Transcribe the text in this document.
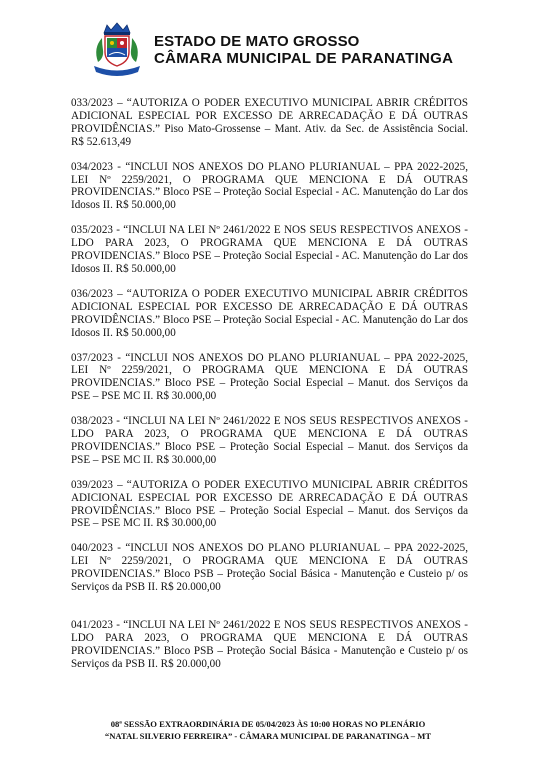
ESTADO DE MATO GROSSO
CÂMARA MUNICIPAL DE PARANATINGA

033/2023 – “AUTORIZA O PODER EXECUTIVO MUNICIPAL ABRIR CRÉDITOS ADICIONAL ESPECIAL POR EXCESSO DE ARRECADAÇÃO E DÁ OUTRAS PROVIDÊNCIAS.” Piso Mato-Grossense – Mant. Ativ. da Sec. de Assistência Social. R$ 52.613,49

034/2023 - “INCLUI NOS ANEXOS DO PLANO PLURIANUAL – PPA 2022-2025, LEI Nº 2259/2021, O PROGRAMA QUE MENCIONA E DÁ OUTRAS PROVIDENCIAS.” Bloco PSE – Proteção Social Especial - AC. Manutenção do Lar dos Idosos II. R$ 50.000,00

035/2023 - “INCLUI NA LEI Nº 2461/2022 E NOS SEUS RESPECTIVOS ANEXOS - LDO PARA 2023, O PROGRAMA QUE MENCIONA E DÁ OUTRAS PROVIDENCIAS.” Bloco PSE – Proteção Social Especial - AC. Manutenção do Lar dos Idosos II. R$ 50.000,00

036/2023 – “AUTORIZA O PODER EXECUTIVO MUNICIPAL ABRIR CRÉDITOS ADICIONAL ESPECIAL POR EXCESSO DE ARRECADAÇÃO E DÁ OUTRAS PROVIDÊNCIAS.” Bloco PSE – Proteção Social Especial - AC. Manutenção do Lar dos Idosos II. R$ 50.000,00

037/2023 - “INCLUI NOS ANEXOS DO PLANO PLURIANUAL – PPA 2022-2025, LEI Nº 2259/2021, O PROGRAMA QUE MENCIONA E DÁ OUTRAS PROVIDENCIAS.” Bloco PSE – Proteção Social Especial – Manut. dos Serviços da PSE – PSE MC II. R$ 30.000,00

038/2023 - “INCLUI NA LEI Nº 2461/2022 E NOS SEUS RESPECTIVOS ANEXOS - LDO PARA 2023, O PROGRAMA QUE MENCIONA E DÁ OUTRAS PROVIDENCIAS.” Bloco PSE – Proteção Social Especial – Manut. dos Serviços da PSE – PSE MC II. R$ 30.000,00

039/2023 – “AUTORIZA O PODER EXECUTIVO MUNICIPAL ABRIR CRÉDITOS ADICIONAL ESPECIAL POR EXCESSO DE ARRECADAÇÃO E DÁ OUTRAS PROVIDÊNCIAS.” Bloco PSE – Proteção Social Especial – Manut. dos Serviços da PSE – PSE MC II. R$ 30.000,00

040/2023 - “INCLUI NOS ANEXOS DO PLANO PLURIANUAL – PPA 2022-2025, LEI Nº 2259/2021, O PROGRAMA QUE MENCIONA E DÁ OUTRAS PROVIDENCIAS.” Bloco PSB – Proteção Social Básica - Manutenção e Custeio p/ os Serviços da PSB II. R$ 20.000,00

041/2023 - “INCLUI NA LEI Nº 2461/2022 E NOS SEUS RESPECTIVOS ANEXOS - LDO PARA 2023, O PROGRAMA QUE MENCIONA E DÁ OUTRAS PROVIDENCIAS.” Bloco PSB – Proteção Social Básica - Manutenção e Custeio p/ os Serviços da PSB II. R$ 20.000,00

08ª SESSÃO EXTRAORDINÁRIA DE 05/04/2023 ÀS 10:00 HORAS NO PLENÁRIO
“NATAL SILVERIO FERREIRA” - CÂMARA MUNICIPAL DE PARANATINGA – MT
